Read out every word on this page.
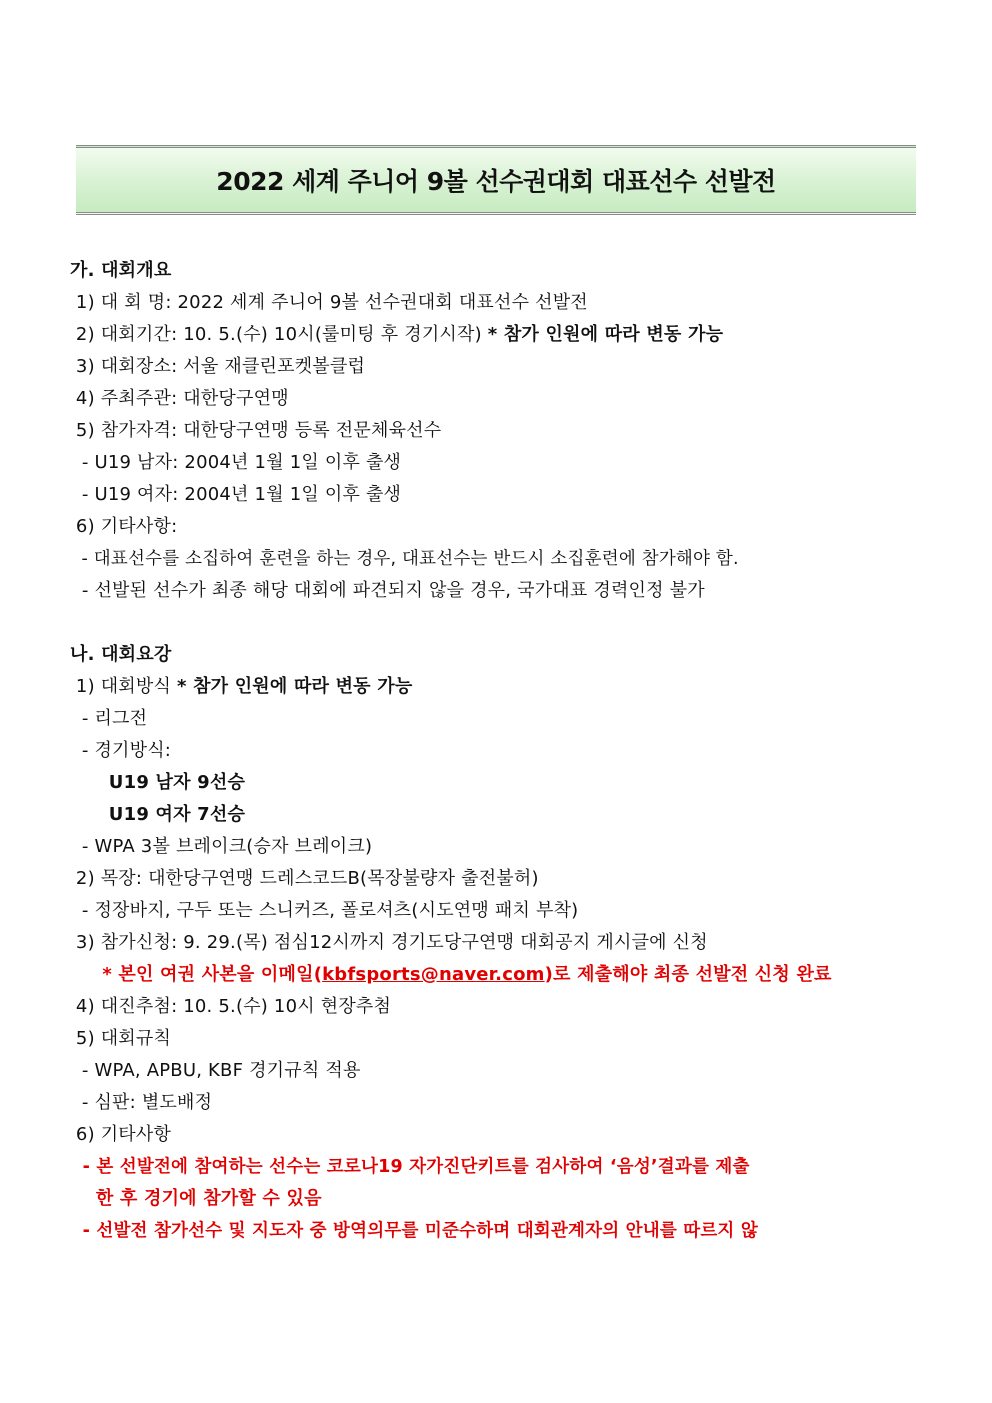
2022 세계 주니어 9볼 선수권대회 대표선수 선발전
가. 대회개요
1) 대 회 명: 2022 세계 주니어 9볼 선수권대회 대표선수 선발전
2) 대회기간: 10. 5.(수) 10시(룰미팅 후 경기시작) * 참가 인원에 따라 변동 가능
3) 대회장소: 서울 재클린포켓볼클럽
4) 주최주관: 대한당구연맹
5) 참가자격: 대한당구연맹 등록 전문체육선수
- U19 남자: 2004년 1월 1일 이후 출생
- U19 여자: 2004년 1월 1일 이후 출생
6) 기타사항:
- 대표선수를 소집하여 훈련을 하는 경우, 대표선수는 반드시 소집훈련에 참가해야 함.
- 선발된 선수가 최종 해당 대회에 파견되지 않을 경우, 국가대표 경력인정 불가
나. 대회요강
1) 대회방식 * 참가 인원에 따라 변동 가능
- 리그전
- 경기방식:
U19 남자 9선승
U19 여자 7선승
- WPA 3볼 브레이크(승자 브레이크)
2) 목장: 대한당구연맹 드레스코드B(목장불량자 출전불허)
- 정장바지, 구두 또는 스니커즈, 폴로셔츠(시도연맹 패치 부착)
3) 참가신청: 9. 29.(목) 점심12시까지 경기도당구연맹 대회공지 게시글에 신청
* 본인 여권 사본을 이메일(kbfsports@naver.com)로 제출해야 최종 선발전 신청 완료
4) 대진추첨: 10. 5.(수) 10시 현장추첨
5) 대회규칙
- WPA, APBU, KBF 경기규칙 적용
- 심판: 별도배정
6) 기타사항
- 본 선발전에 참여하는 선수는 코로나19 자가진단키트를 검사하여 ‘음성’결과를 제출
한 후 경기에 참가할 수 있음
- 선발전 참가선수 및 지도자 중 방역의무를 미준수하며 대회관계자의 안내를 따르지 않
